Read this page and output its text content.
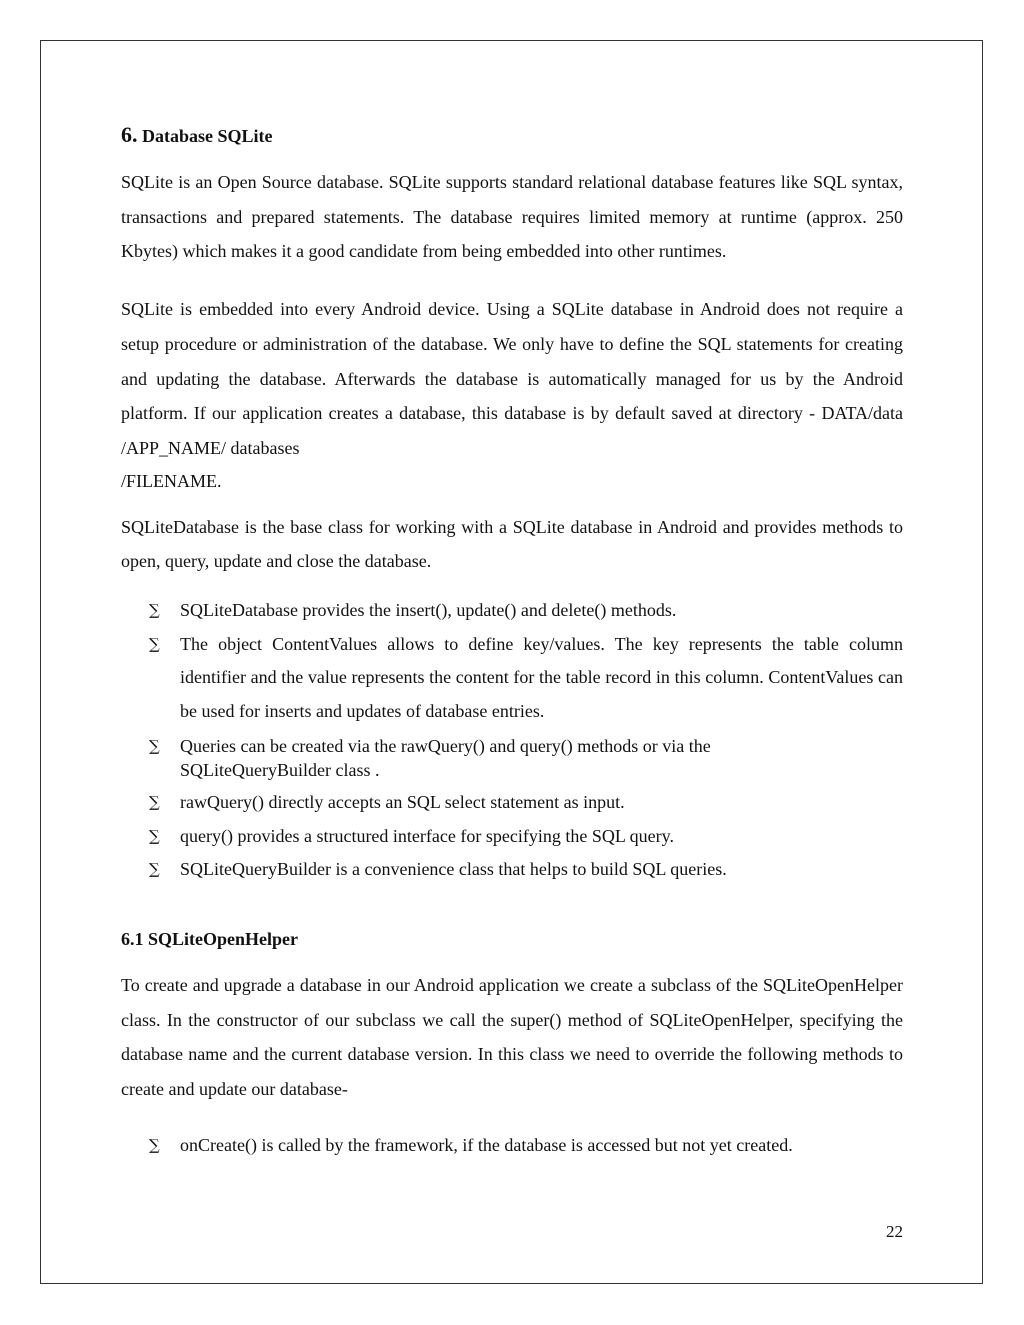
6. Database SQLite

SQLite is an Open Source database. SQLite supports standard relational database features like SQL syntax, transactions and prepared statements. The database requires limited memory at runtime (approx. 250 Kbytes) which makes it a good candidate from being embedded into other runtimes.

SQLite is embedded into every Android device. Using a SQLite database in Android does not require a setup procedure or administration of the database. We only have to define the SQL statements for creating and updating the database. Afterwards the database is automatically managed for us by the Android platform. If our application creates a database, this database is by default saved at directory - DATA/data /APP_NAME/ databases

/FILENAME.

SQLiteDatabase is the base class for working with a SQLite database in Android and provides methods to open, query, update and close the database.

∑ SQLiteDatabase provides the insert(), update() and delete() methods.
∑ The object ContentValues allows to define key/values. The key represents the table column identifier and the value represents the content for the table record in this column. ContentValues can be used for inserts and updates of database entries.
∑ Queries can be created via the rawQuery() and query() methods or via the
SQLiteQueryBuilder class .
∑ rawQuery() directly accepts an SQL select statement as input.
∑ query() provides a structured interface for specifying the SQL query.
∑ SQLiteQueryBuilder is a convenience class that helps to build SQL queries.
6.1 SQLiteOpenHelper

To create and upgrade a database in our Android application we create a subclass of the SQLiteOpenHelper class. In the constructor of our subclass we call the super() method of SQLiteOpenHelper, specifying the database name and the current database version. In this class we need to override the following methods to create and update our database-

∑ onCreate() is called by the framework, if the database is accessed but not yet created.
22
